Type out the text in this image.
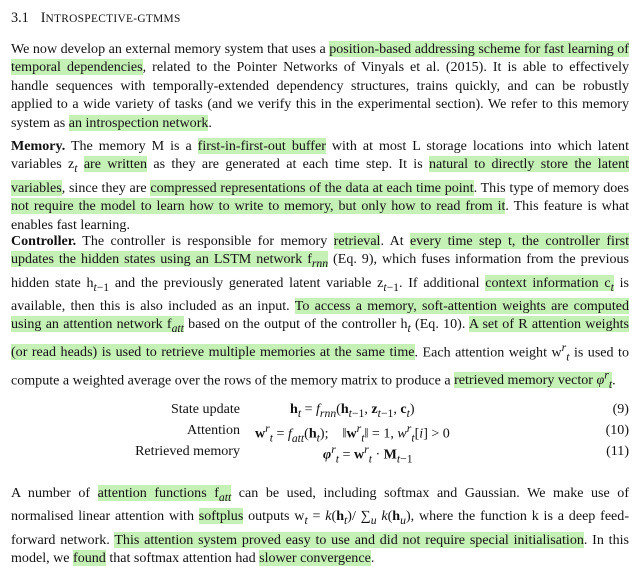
3.1 INTROSPECTIVE-GTMMS
We now develop an external memory system that uses a position-based addressing scheme for fast learning of temporal dependencies, related to the Pointer Networks of Vinyals et al. (2015). It is able to effectively handle sequences with temporally-extended dependency structures, trains quickly, and can be robustly applied to a wide variety of tasks (and we verify this in the experimental section). We refer to this memory system as an introspection network.
Memory. The memory M is a first-in-first-out buffer with at most L storage locations into which latent variables $z_t$ are written as they are generated at each time step. It is natural to directly store the latent variables, since they are compressed representations of the data at each time point. This type of memory does not require the model to learn how to write to memory, but only how to read from it. This feature is what enables fast learning.
Controller. The controller is responsible for memory retrieval. At every time step t, the controller first updates the hidden states using an LSTM network $f_{rnn}$ (Eq. 9), which fuses information from the previous hidden state $h_{t-1}$ and the previously generated latent variable $z_{t-1}$. If additional context information $c_t$ is available, then this is also included as an input. To access a memory, soft-attention weights are computed using an attention network $f_{att}$ based on the output of the controller $h_t$ (Eq. 10). A set of R attention weights (or read heads) is used to retrieve multiple memories at the same time. Each attention weight $w^r_t$ is used to compute a weighted average over the rows of the memory matrix to produce a retrieved memory vector $\varphi^r_t$.
State update	$h_t = f_{rnn}(h_{t-1}$, $z_{t-1}$, $c_t$)	(9)
Attention $w^r_t = f_{att}(h_t)$;    $‖w^r_t‖ = 1$, $w^r_t[i] > 0$	(10)
Retrieved memory	$\varphi^r_t = w^r_t \cdot M_{t-1}$	(11)
A number of attention functions $f_{att}$ can be used, including softmax and Gaussian. We make use of normalised linear attention with softplus outputs $w_t = k(h_t)/$ $\sum_u$ $k(h_u)$, where the function k is a deep feed-forward network. This attention system proved easy to use and did not require special initialisation. In this model, we found that softmax attention had slower convergence.
